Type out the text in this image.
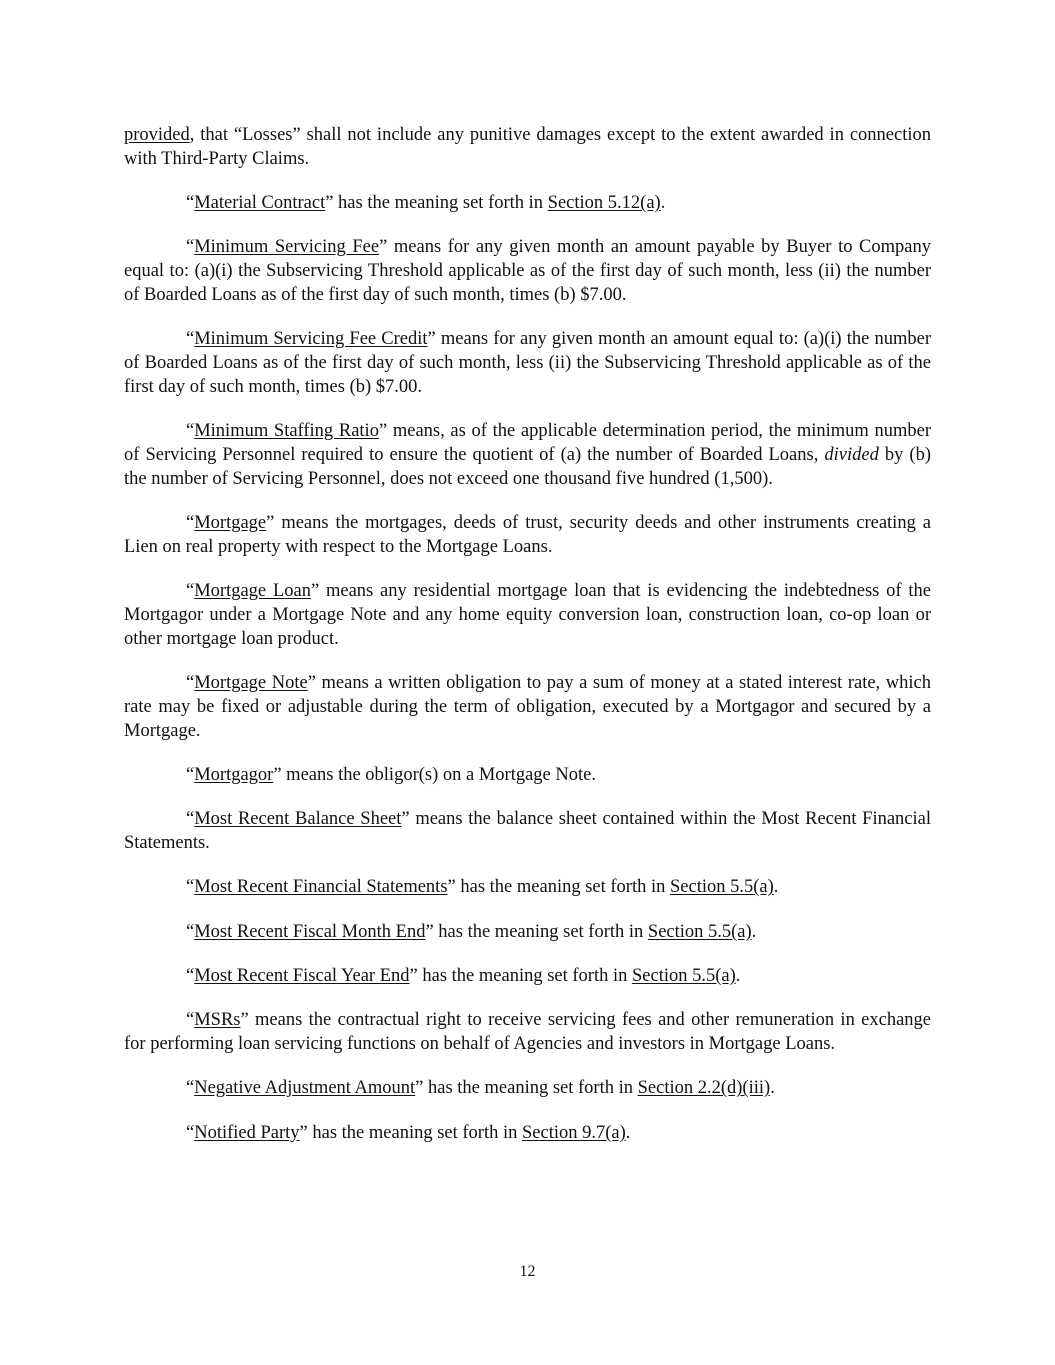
provided, that “Losses” shall not include any punitive damages except to the extent awarded in connection with Third-Party Claims.

“Material Contract” has the meaning set forth in Section 5.12(a).

“Minimum Servicing Fee” means for any given month an amount payable by Buyer to Company equal to: (a)(i) the Subservicing Threshold applicable as of the first day of such month, less (ii) the number of Boarded Loans as of the first day of such month, times (b) $7.00.

“Minimum Servicing Fee Credit” means for any given month an amount equal to: (a)(i) the number of Boarded Loans as of the first day of such month, less (ii) the Subservicing Threshold applicable as of the first day of such month, times (b) $7.00.

“Minimum Staffing Ratio” means, as of the applicable determination period, the minimum number of Servicing Personnel required to ensure the quotient of (a) the number of Boarded Loans, divided by (b) the number of Servicing Personnel, does not exceed one thousand five hundred (1,500).

“Mortgage” means the mortgages, deeds of trust, security deeds and other instruments creating a Lien on real property with respect to the Mortgage Loans.

“Mortgage Loan” means any residential mortgage loan that is evidencing the indebtedness of the Mortgagor under a Mortgage Note and any home equity conversion loan, construction loan, co-op loan or other mortgage loan product.

“Mortgage Note” means a written obligation to pay a sum of money at a stated interest rate, which rate may be fixed or adjustable during the term of obligation, executed by a Mortgagor and secured by a Mortgage.

“Mortgagor” means the obligor(s) on a Mortgage Note.

“Most Recent Balance Sheet” means the balance sheet contained within the Most Recent Financial Statements.

“Most Recent Financial Statements” has the meaning set forth in Section 5.5(a).

“Most Recent Fiscal Month End” has the meaning set forth in Section 5.5(a).

“Most Recent Fiscal Year End” has the meaning set forth in Section 5.5(a).

“MSRs” means the contractual right to receive servicing fees and other remuneration in exchange for performing loan servicing functions on behalf of Agencies and investors in Mortgage Loans.

“Negative Adjustment Amount” has the meaning set forth in Section 2.2(d)(iii).

“Notified Party” has the meaning set forth in Section 9.7(a).

12
